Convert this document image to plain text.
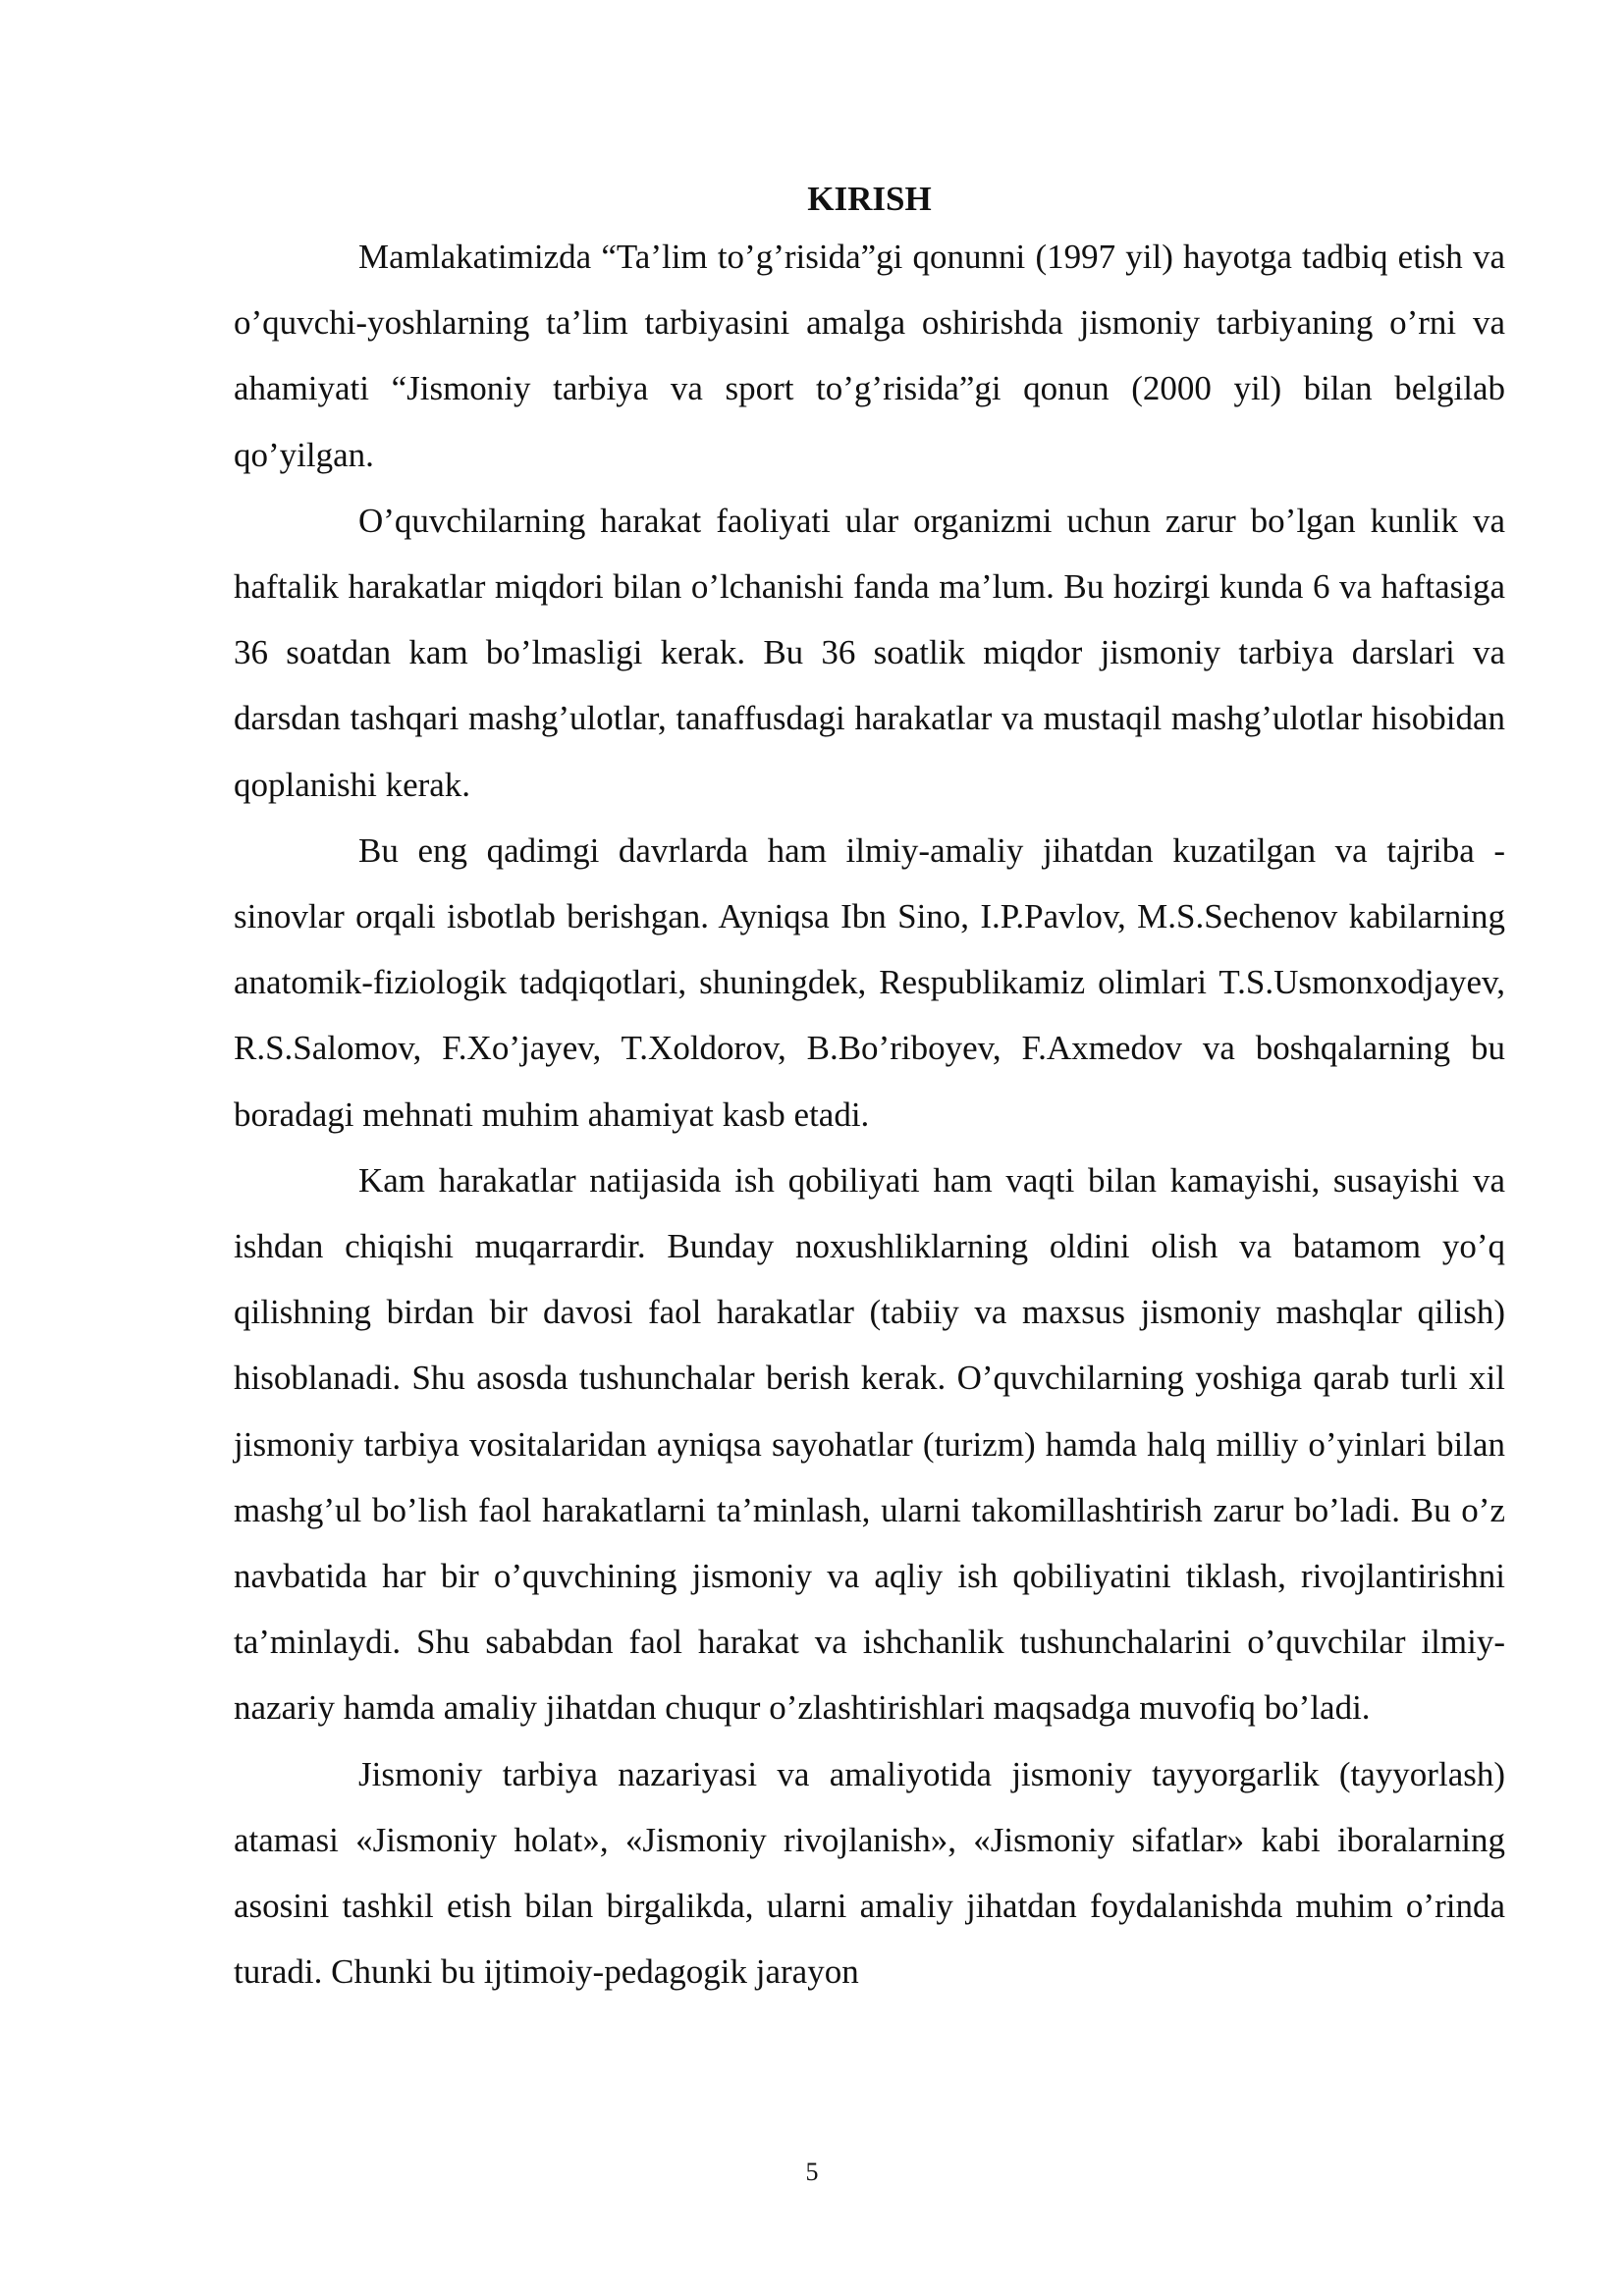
KIRISH

Mamlakatimizda “Ta’lim to’g’risida”gi qonunni (1997 yil) hayotga tadbiq etish va o’quvchi-yoshlarning ta’lim tarbiyasini amalga oshirishda jismoniy tarbiyaning o’rni va ahamiyati “Jismoniy tarbiya va sport to’g’risida”gi qonun (2000 yil) bilan belgilab qo’yilgan.

O’quvchilarning harakat faoliyati ular organizmi uchun zarur bo’lgan kunlik va haftalik harakatlar miqdori bilan o’lchanishi fanda ma’lum. Bu hozirgi kunda 6 va haftasiga 36 soatdan kam bo’lmasligi kerak. Bu 36 soatlik miqdor jismoniy tarbiya darslari va darsdan tashqari mashg’ulotlar, tanaffusdagi harakatlar va mustaqil mashg’ulotlar hisobidan qoplanishi kerak.

Bu eng qadimgi davrlarda ham ilmiy-amaliy jihatdan kuzatilgan va tajriba - sinovlar orqali isbotlab berishgan. Ayniqsa Ibn Sino, I.P.Pavlov, M.S.Sechenov kabilarning anatomik-fiziologik tadqiqotlari, shuningdek, Respublikamiz olimlari T.S.Usmonxodjayev, R.S.Salomov, F.Xo’jayev, T.Xoldorov, B.Bo’riboyev, F.Axmedov va boshqalarning bu boradagi mehnati muhim ahamiyat kasb etadi.

Kam harakatlar natijasida ish qobiliyati ham vaqti bilan kamayishi, susayishi va ishdan chiqishi muqarrardir. Bunday noxushliklarning oldini olish va batamom yo’q qilishning birdan bir davosi faol harakatlar (tabiiy va maxsus jismoniy mashqlar qilish) hisoblanadi. Shu asosda tushunchalar berish kerak. O’quvchilarning yoshiga qarab turli xil jismoniy tarbiya vositalaridan ayniqsa sayohatlar (turizm) hamda halq milliy o’yinlari bilan mashg’ul bo’lish faol harakatlarni ta’minlash, ularni takomillashtirish zarur bo’ladi. Bu o’z navbatida har bir o’quvchining jismoniy va aqliy ish qobiliyatini tiklash, rivojlantirishni ta’minlaydi. Shu sababdan faol harakat va ishchanlik tushunchalarini o’quvchilar ilmiy-nazariy hamda amaliy jihatdan chuqur o’zlashtirishlari maqsadga muvofiq bo’ladi.

Jismoniy tarbiya nazariyasi va amaliyotida jismoniy tayyorgarlik (tayyorlash) atamasi «Jismoniy holat», «Jismoniy rivojlanish», «Jismoniy sifatlar» kabi iboralarning asosini tashkil etish bilan birgalikda, ularni amaliy jihatdan foydalanishda muhim o’rinda turadi. Chunki bu ijtimoiy-pedagogik jarayon

5
